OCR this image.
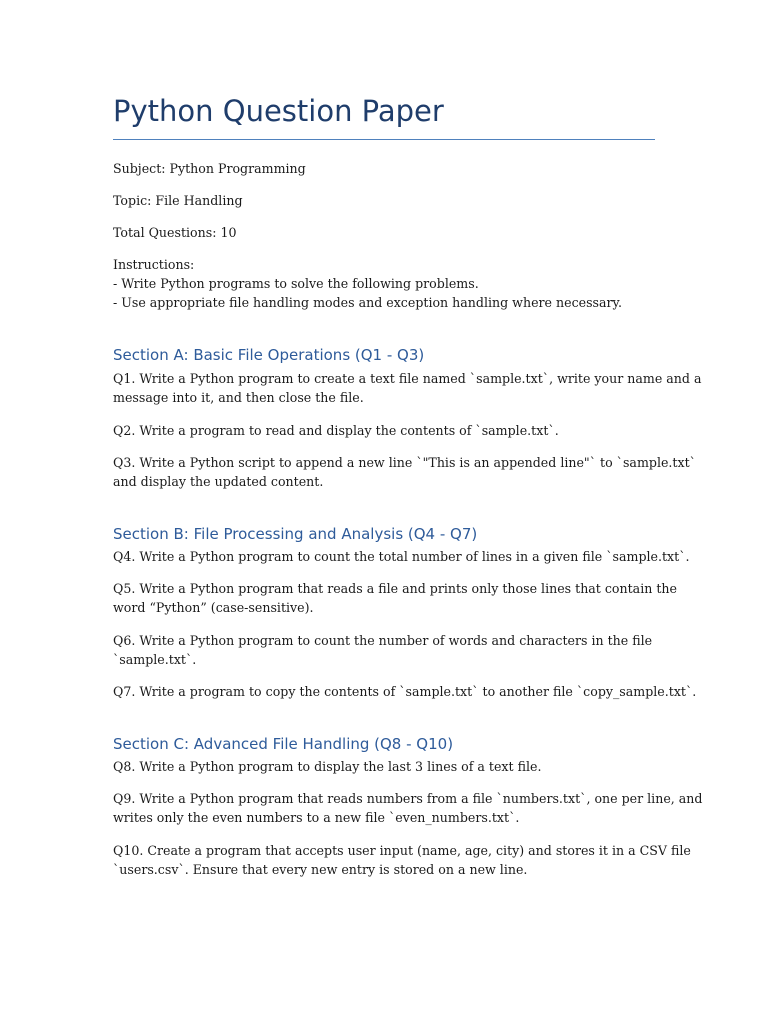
Python Question Paper
Subject: Python Programming
Topic: File Handling
Total Questions: 10
Instructions:
- Write Python programs to solve the following problems.
- Use appropriate file handling modes and exception handling where necessary.
Section A: Basic File Operations (Q1 - Q3)
Q1. Write a Python program to create a text file named `sample.txt`, write your name and a
message into it, and then close the file.
Q2. Write a program to read and display the contents of `sample.txt`.
Q3. Write a Python script to append a new line `"This is an appended line"` to `sample.txt`
and display the updated content.
Section B: File Processing and Analysis (Q4 - Q7)
Q4. Write a Python program to count the total number of lines in a given file `sample.txt`.
Q5. Write a Python program that reads a file and prints only those lines that contain the
word “Python” (case-sensitive).
Q6. Write a Python program to count the number of words and characters in the file
`sample.txt`.
Q7. Write a program to copy the contents of `sample.txt` to another file `copy_sample.txt`.
Section C: Advanced File Handling (Q8 - Q10)
Q8. Write a Python program to display the last 3 lines of a text file.
Q9. Write a Python program that reads numbers from a file `numbers.txt`, one per line, and
writes only the even numbers to a new file `even_numbers.txt`.
Q10. Create a program that accepts user input (name, age, city) and stores it in a CSV file
`users.csv`. Ensure that every new entry is stored on a new line.
